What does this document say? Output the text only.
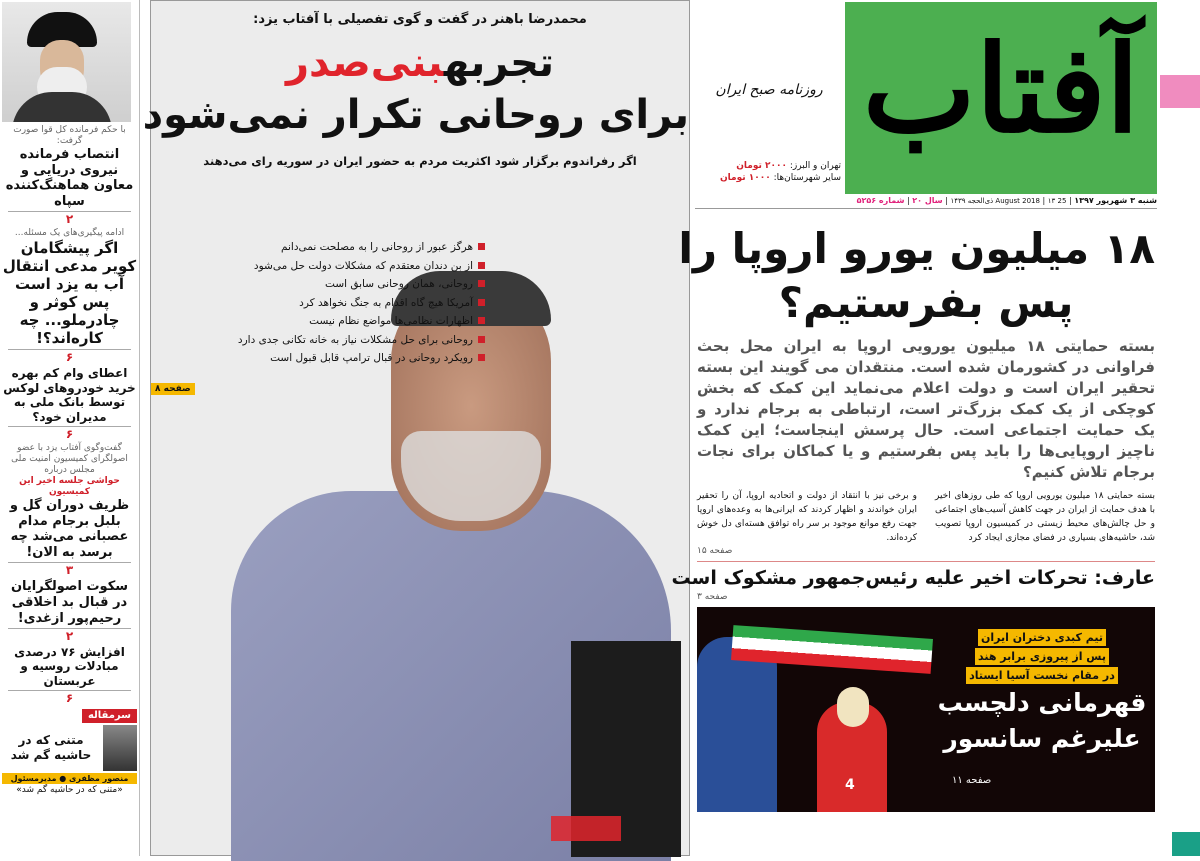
با حکم فرمانده کل قوا صورت گرفت:
انتصاب فرمانده نیروی دریایی و معاون هماهنگ‌کننده سپاه
۲
ادامه پیگیری‌های یک مسئله...
اگر پیشگامان کویر مدعی انتقال آب به یزد است پس کوثر و چادرملو... چه کاره‌اند؟!
۶
اعطای وام کم بهره خرید خودروهای لوکس توسط بانک ملی به مدیران خود؟
۶
گفت‌وگوی آفتاب یزد با عضو اصولگرای کمیسیون امنیت ملی مجلس درباره
حواشی جلسه اخیر این کمیسیون
ظریف دوران گل و بلبل برجام مدام عصبانی می‌شد چه برسد به الان!
۳
سکوت اصولگرایان در قبال بد اخلاقی رحیم‌پور ازغدی!
۲
افزایش ۷۶ درصدی مبادلات روسیه و عربستان
۶
سرمقاله
متنی که در حاشیه گم شد
منصور مظفری ● مدیرمسئول
«متنی که در حاشیه گم شد»
محمدرضا باهنر در گفت و گوی تفصیلی با آفتاب یزد:
تجربهبنی‌صدر
برای روحانی تکرار نمی‌شود
اگر رفراندوم برگزار شود اکثریت مردم به حضور ایران در سوریه رای می‌دهند
هرگز عبور از روحانی را به مصلحت نمی‌دانم
از بن دندان معتقدم که مشکلات دولت حل می‌شود
روحانی، همان روحانی سابق است
آمریکا هیچ گاه اقدام به جنگ نخواهد کرد
اظهارات نظامی‌ها مواضع نظام نیست
روحانی برای حل مشکلات نیاز به خانه تکانی جدی دارد
رویکرد روحانی در قبال ترامپ قابل قبول است
صفحه ۸
آفتاب
روزنامه صبح ایران
تهران و البرز: ۲۰۰۰ تومان
سایر شهرستان‌ها: ۱۰۰۰ تومان
شنبه ۳ شهریور ۱۳۹۷ | 25 August 2018 | ۱۳ ذی‌الحجه ۱۴۳۹ | سال ۲۰ | شماره ۵۲۵۶
۱۸ میلیون یورو اروپا را
پس بفرستیم؟
بسته حمایتی ۱۸ میلیون یورویی اروپا به ایران محل بحث فراوانی در کشورمان شده است. منتقدان می گویند این بسته تحقیر ایران است و دولت اعلام می‌نماید این کمک که بخش کوچکی از یک کمک بزرگ‌تر است، ارتباطی به برجام ندارد و یک حمایت اجتماعی است. حال پرسش اینجاست؛ این کمک ناچیز اروپایی‌ها را باید پس بفرستیم و یا کماکان برای نجات برجام تلاش کنیم؟
بسته حمایتی ۱۸ میلیون یورویی اروپا که طی روزهای اخیر با هدف حمایت از ایران در جهت کاهش آسیب‌های اجتماعی و حل چالش‌های محیط زیستی در کمیسیون اروپا تصویب شد، حاشیه‌های بسیاری در فضای مجازی ایجاد کرد
و برخی نیز با انتقاد از دولت و اتحادیه اروپا، آن را تحقیر ایران خواندند و اظهار کردند که ایرانی‌ها به وعده‌های اروپا جهت رفع موانع موجود بر سر راه توافق هسته‌ای دل خوش کرده‌اند.
صفحه ۱۵
عارف: تحرکات اخیر علیه رئیس‌جمهور مشکوک است
صفحه ۳
4
تیم کبدی دختران ایران
پس از پیروزی برابر هند
در مقام نخست آسیا ایستاد
قهرمانی دلچسب
علیرغم سانسور
صفحه ۱۱
